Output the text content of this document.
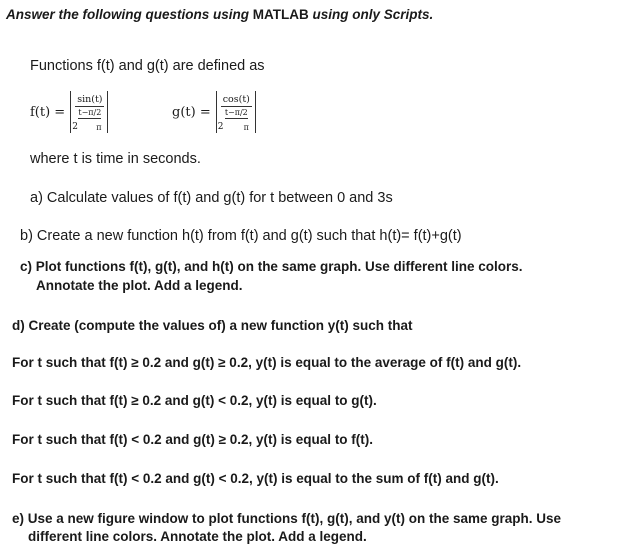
Answer the following questions using MATLAB using only Scripts.
Functions f(t) and g(t) are defined as
$f(t) = \frac{\sin(t)}{t-\pi/2}$
2 π
$g(t) = \frac{\cos(t)}{t-\pi/2}$
2	π
where t is time in seconds.
a) Calculate values of f(t) and g(t) for t between 0 and 3s
b) Create a new function h(t) from f(t) and g(t) such that h(t)= f(t)+g(t)
c) Plot functions f(t), g(t), and h(t) on the same graph. Use different line colors.
Annotate the plot. Add a legend.
d) Create (compute the values of) a new function y(t) such that
For t such that f(t) ≥ 0.2 and g(t) ≥ 0.2, y(t) is equal to the average of f(t) and g(t).
For t such that f(t) ≥ 0.2 and g(t) < 0.2, y(t) is equal to g(t).
For t such that f(t) < 0.2 and g(t) ≥ 0.2, y(t) is equal to f(t).
For t such that f(t) < 0.2 and g(t) < 0.2, y(t) is equal to the sum of f(t) and g(t).
e) Use a new figure window to plot functions f(t), g(t), and y(t) on the same graph. Use
different line colors. Annotate the plot. Add a legend.
